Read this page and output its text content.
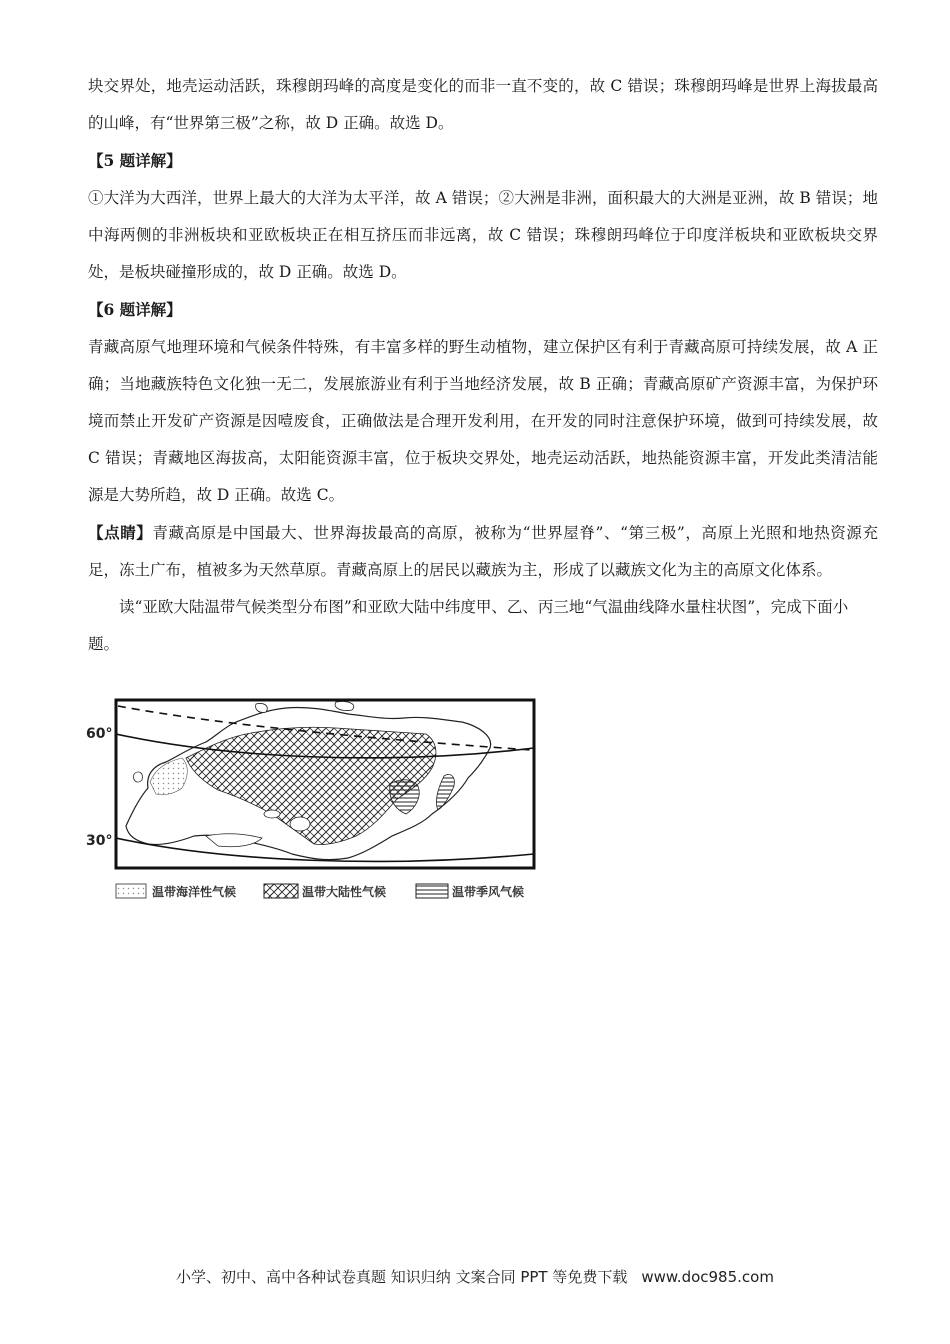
块交界处，地壳运动活跃，珠穆朗玛峰的高度是变化的而非一直不变的，故 C 错误；珠穆朗玛峰是世界上海拔最高的山峰，有“世界第三极”之称，故 D 正确。故选 D。

【5 题详解】

①大洋为大西洋，世界上最大的大洋为太平洋，故 A 错误；②大洲是非洲，面积最大的大洲是亚洲，故 B 错误；地中海两侧的非洲板块和亚欧板块正在相互挤压而非远离，故 C 错误；珠穆朗玛峰位于印度洋板块和亚欧板块交界处，是板块碰撞形成的，故 D 正确。故选 D。

【6 题详解】

青藏高原气地理环境和气候条件特殊，有丰富多样的野生动植物，建立保护区有利于青藏高原可持续发展，故 A 正确；当地藏族特色文化独一无二，发展旅游业有利于当地经济发展，故 B 正确；青藏高原矿产资源丰富，为保护环境而禁止开发矿产资源是因噎废食，正确做法是合理开发利用，在开发的同时注意保护环境，做到可持续发展，故 C 错误；青藏地区海拔高，太阳能资源丰富，位于板块交界处，地壳运动活跃，地热能资源丰富，开发此类清洁能源是大势所趋，故 D 正确。故选 C。

【点睛】青藏高原是中国最大、世界海拔最高的高原，被称为“世界屋脊”、“第三极”，高原上光照和地热资源充足，冻土广布，植被多为天然草原。青藏高原上的居民以藏族为主，形成了以藏族文化为主的高原文化体系。

读“亚欧大陆温带气候类型分布图”和亚欧大陆中纬度甲、乙、丙三地“气温曲线降水量柱状图”，完成下面小题。

60°
30°
温带海洋性气候	温带大陆性气候	温带季风气候
小学、初中、高中各种试卷真题 知识归纳 文案合同 PPT 等免费下载 www.doc985.com
